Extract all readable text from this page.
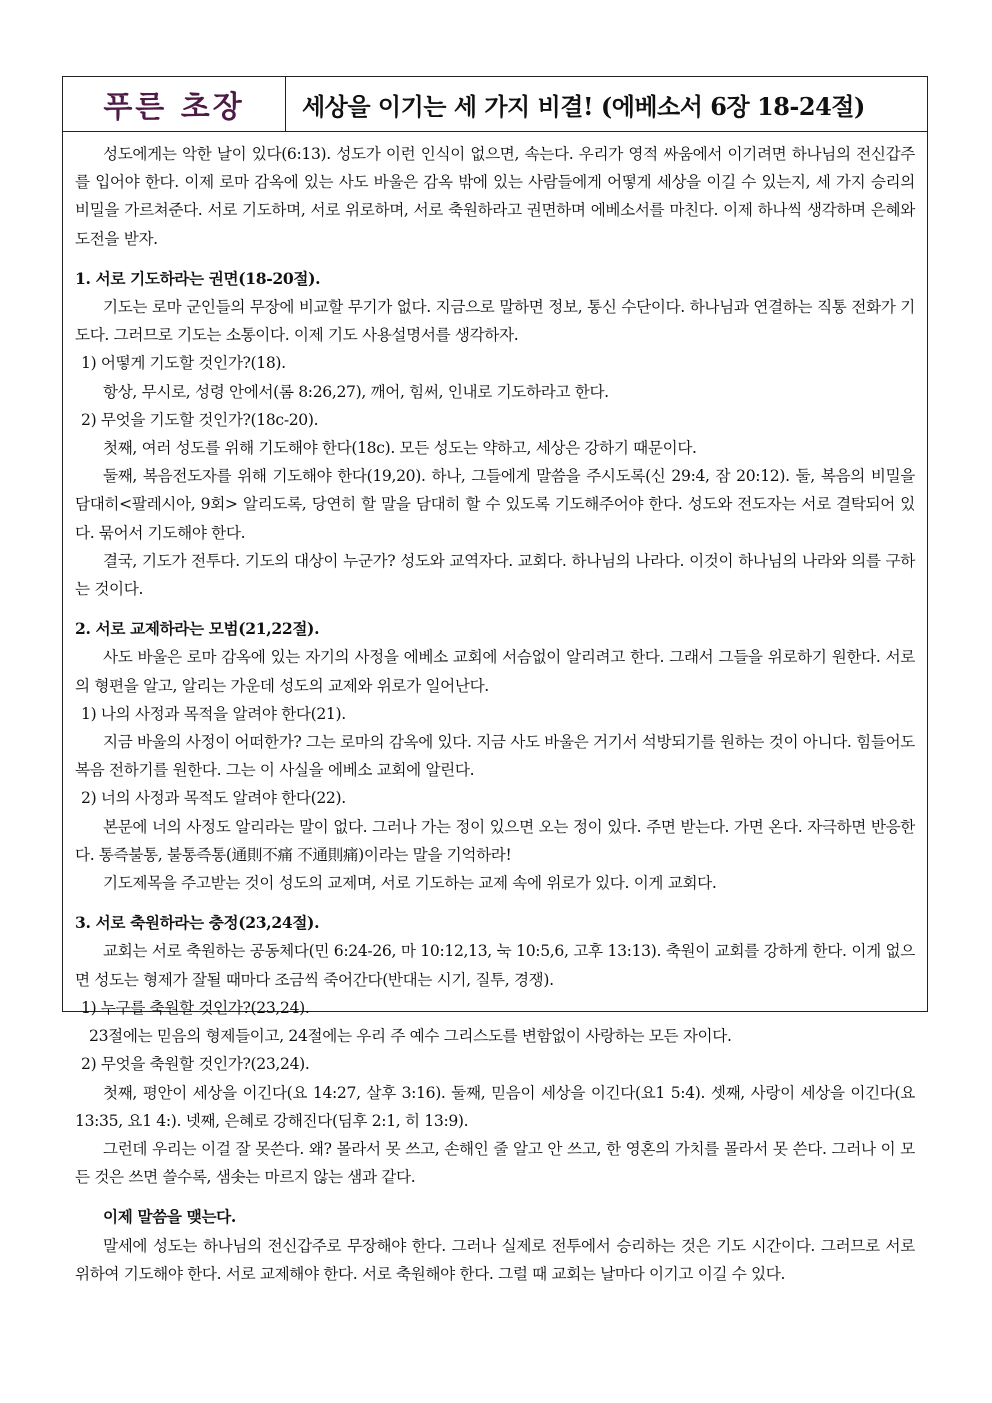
푸른 초장	세상을 이기는 세 가지 비결! (에베소서 6장 18-24절)

성도에게는 악한 날이 있다(6:13). 성도가 이런 인식이 없으면, 속는다. 우리가 영적 싸움에서 이기려면 하나님의 전신갑주를 입어야 한다. 이제 로마 감옥에 있는 사도 바울은 감옥 밖에 있는 사람들에게 어떻게 세상을 이길 수 있는지, 세 가지 승리의 비밀을 가르쳐준다. 서로 기도하며, 서로 위로하며, 서로 축원하라고 권면하며 에베소서를 마친다. 이제 하나씩 생각하며 은혜와 도전을 받자.

1. 서로 기도하라는 권면(18-20절).

기도는 로마 군인들의 무장에 비교할 무기가 없다. 지금으로 말하면 정보, 통신 수단이다. 하나님과 연결하는 직통 전화가 기도다. 그러므로 기도는 소통이다. 이제 기도 사용설명서를 생각하자.

1) 어떻게 기도할 것인가?(18).

항상, 무시로, 성령 안에서(롬 8:26,27), 깨어, 힘써, 인내로 기도하라고 한다.

2) 무엇을 기도할 것인가?(18c-20).

첫째, 여러 성도를 위해 기도해야 한다(18c). 모든 성도는 약하고, 세상은 강하기 때문이다.

둘째, 복음전도자를 위해 기도해야 한다(19,20). 하나, 그들에게 말씀을 주시도록(신 29:4, 잠 20:12). 둘, 복음의 비밀을 담대히<팔레시아, 9회> 알리도록, 당연히 할 말을 담대히 할 수 있도록 기도해주어야 한다. 성도와 전도자는 서로 결탁되어 있다. 묶어서 기도해야 한다.

결국, 기도가 전투다. 기도의 대상이 누군가? 성도와 교역자다. 교회다. 하나님의 나라다. 이것이 하나님의 나라와 의를 구하는 것이다.

2. 서로 교제하라는 모범(21,22절).

사도 바울은 로마 감옥에 있는 자기의 사정을 에베소 교회에 서슴없이 알리려고 한다. 그래서 그들을 위로하기 원한다. 서로의 형편을 알고, 알리는 가운데 성도의 교제와 위로가 일어난다.

1) 나의 사정과 목적을 알려야 한다(21).

지금 바울의 사정이 어떠한가? 그는 로마의 감옥에 있다. 지금 사도 바울은 거기서 석방되기를 원하는 것이 아니다. 힘들어도 복음 전하기를 원한다. 그는 이 사실을 에베소 교회에 알린다.

2) 너의 사정과 목적도 알려야 한다(22).

본문에 너의 사정도 알리라는 말이 없다. 그러나 가는 정이 있으면 오는 정이 있다. 주면 받는다. 가면 온다. 자극하면 반응한다. 통즉불통, 불통즉통(通則不痛 不通則痛)이라는 말을 기억하라!

기도제목을 주고받는 것이 성도의 교제며, 서로 기도하는 교제 속에 위로가 있다. 이게 교회다.

3. 서로 축원하라는 충정(23,24절).

교회는 서로 축원하는 공동체다(민 6:24-26, 마 10:12,13, 눅 10:5,6, 고후 13:13). 축원이 교회를 강하게 한다. 이게 없으면 성도는 형제가 잘될 때마다 조금씩 죽어간다(반대는 시기, 질투, 경쟁).

1) 누구를 축원할 것인가?(23,24).

23절에는 믿음의 형제들이고, 24절에는 우리 주 예수 그리스도를 변함없이 사랑하는 모든 자이다.

2) 무엇을 축원할 것인가?(23,24).

첫째, 평안이 세상을 이긴다(요 14:27, 살후 3:16). 둘째, 믿음이 세상을 이긴다(요1 5:4). 셋째, 사랑이 세상을 이긴다(요 13:35, 요1 4:). 넷째, 은혜로 강해진다(딤후 2:1, 히 13:9).

그런데 우리는 이걸 잘 못쓴다. 왜? 몰라서 못 쓰고, 손해인 줄 알고 안 쓰고, 한 영혼의 가치를 몰라서 못 쓴다. 그러나 이 모든 것은 쓰면 쓸수록, 샘솟는 마르지 않는 샘과 같다.

이제 말씀을 맺는다.

말세에 성도는 하나님의 전신갑주로 무장해야 한다. 그러나 실제로 전투에서 승리하는 것은 기도 시간이다. 그러므로 서로 위하여 기도해야 한다. 서로 교제해야 한다. 서로 축원해야 한다. 그럴 때 교회는 날마다 이기고 이길 수 있다.
